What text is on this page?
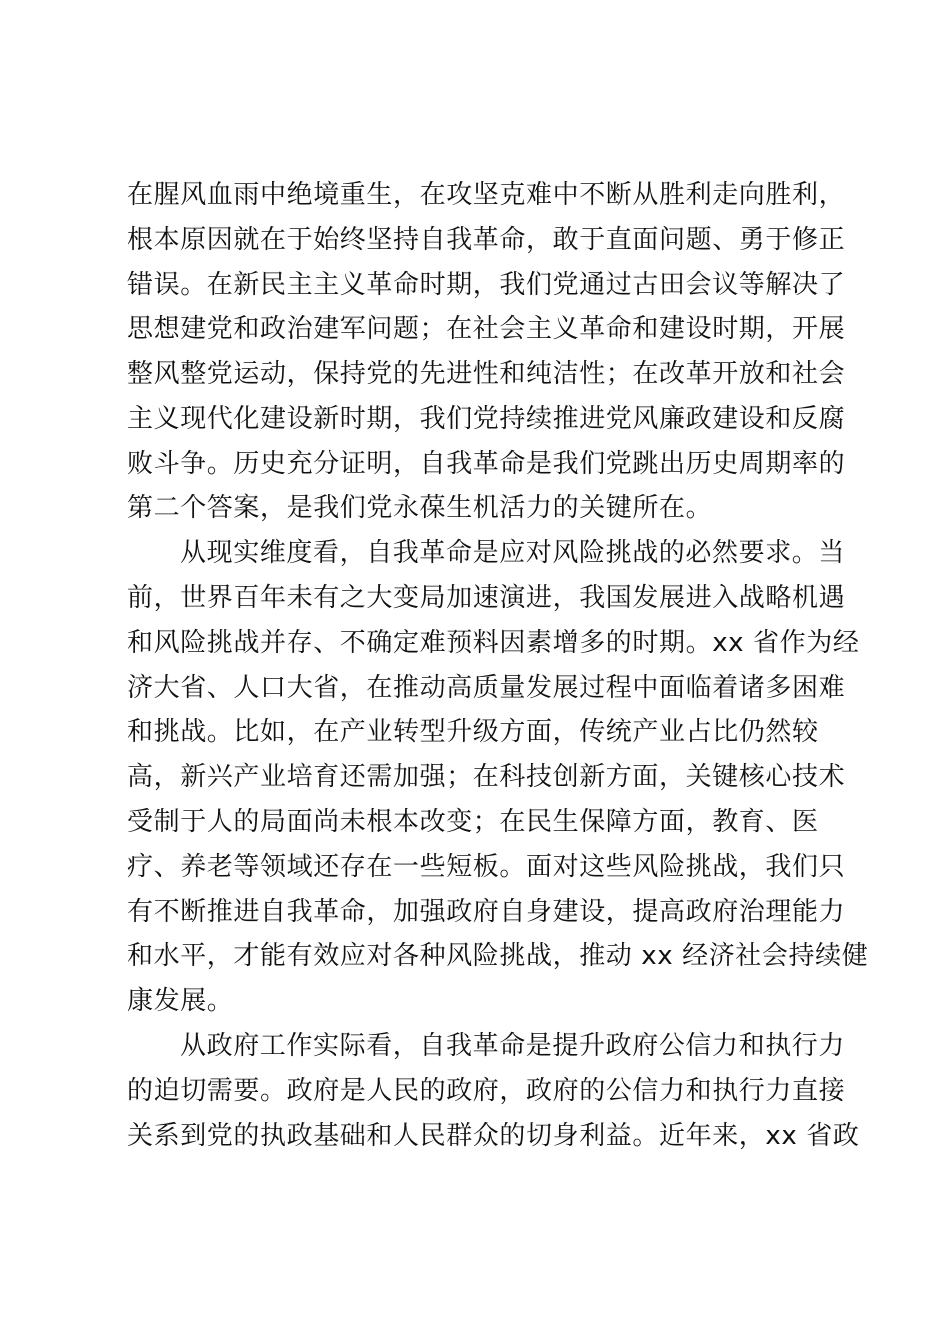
在腥风血雨中绝境重生，在攻坚克难中不断从胜利走向胜利，
根本原因就在于始终坚持自我革命，敢于直面问题、勇于修正
错误。在新民主主义革命时期，我们党通过古田会议等解决了
思想建党和政治建军问题；在社会主义革命和建设时期，开展
整风整党运动，保持党的先进性和纯洁性；在改革开放和社会
主义现代化建设新时期，我们党持续推进党风廉政建设和反腐
败斗争。历史充分证明，自我革命是我们党跳出历史周期率的
第二个答案，是我们党永葆生机活力的关键所在。
从现实维度看，自我革命是应对风险挑战的必然要求。当
前，世界百年未有之大变局加速演进，我国发展进入战略机遇
和风险挑战并存、不确定难预料因素增多的时期。xx 省作为经
济大省、人口大省，在推动高质量发展过程中面临着诸多困难
和挑战。比如，在产业转型升级方面，传统产业占比仍然较
高，新兴产业培育还需加强；在科技创新方面，关键核心技术
受制于人的局面尚未根本改变；在民生保障方面，教育、医
疗、养老等领域还存在一些短板。面对这些风险挑战，我们只
有不断推进自我革命，加强政府自身建设，提高政府治理能力
和水平，才能有效应对各种风险挑战，推动 xx 经济社会持续健
康发展。
从政府工作实际看，自我革命是提升政府公信力和执行力
的迫切需要。政府是人民的政府，政府的公信力和执行力直接
关系到党的执政基础和人民群众的切身利益。近年来，xx 省政
